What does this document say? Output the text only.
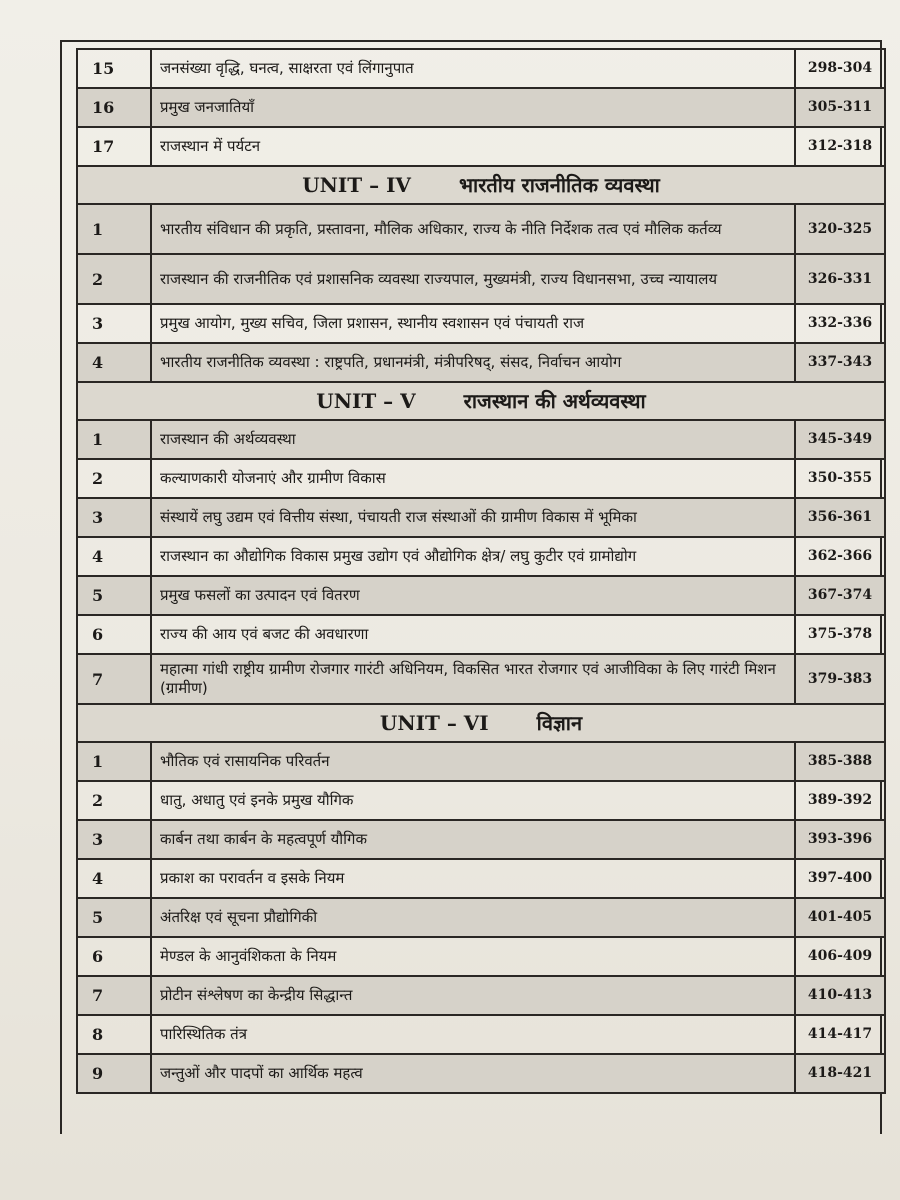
15	जनसंख्या वृद्धि, घनत्व, साक्षरता एवं लिंगानुपात	298-304
16	प्रमुख जनजातियाँ	305-311
17	राजस्थान में पर्यटन	312-318
UNIT – IV भारतीय राजनीतिक व्यवस्था		
1	भारतीय संविधान की प्रकृति, प्रस्तावना, मौलिक अधिकार, राज्य के नीति निर्देशक तत्व एवं मौलिक कर्तव्य	320-325
2	राजस्थान की राजनीतिक एवं प्रशासनिक व्यवस्था राज्यपाल, मुख्यमंत्री, राज्य विधानसभा, उच्च न्यायालय	326-331
3	प्रमुख आयोग, मुख्य सचिव, जिला प्रशासन, स्थानीय स्वशासन एवं पंचायती राज	332-336
4	भारतीय राजनीतिक व्यवस्था : राष्ट्रपति, प्रधानमंत्री, मंत्रीपरिषद्, संसद, निर्वाचन आयोग	337-343
UNIT – V राजस्थान की अर्थव्यवस्था		
1	राजस्थान की अर्थव्यवस्था	345-349
2	कल्याणकारी योजनाएं और ग्रामीण विकास	350-355
3	संस्थायें लघु उद्यम एवं वित्तीय संस्था, पंचायती राज संस्थाओं की ग्रामीण विकास में भूमिका	356-361
4	राजस्थान का औद्योगिक विकास प्रमुख उद्योग एवं औद्योगिक क्षेत्र/ लघु कुटीर एवं ग्रामोद्योग	362-366
5	प्रमुख फसलों का उत्पादन एवं वितरण	367-374
6	राज्य की आय एवं बजट की अवधारणा	375-378
7	महात्मा गांधी राष्ट्रीय ग्रामीण रोजगार गारंटी अधिनियम, विकसित भारत रोजगार एवं आजीविका के लिए गारंटी मिशन (ग्रामीण)	379-383
UNIT – VI विज्ञान		
1	भौतिक एवं रासायनिक परिवर्तन	385-388
2	धातु, अधातु एवं इनके प्रमुख यौगिक	389-392
3	कार्बन तथा कार्बन के महत्वपूर्ण यौगिक	393-396
4	प्रकाश का परावर्तन व इसके नियम	397-400
5	अंतरिक्ष एवं सूचना प्रौद्योगिकी	401-405
6	मेण्डल के आनुवंशिकता के नियम	406-409
7	प्रोटीन संश्लेषण का केन्द्रीय सिद्धान्त	410-413
8	पारिस्थितिक तंत्र	414-417
9	जन्तुओं और पादपों का आर्थिक महत्व	418-421
